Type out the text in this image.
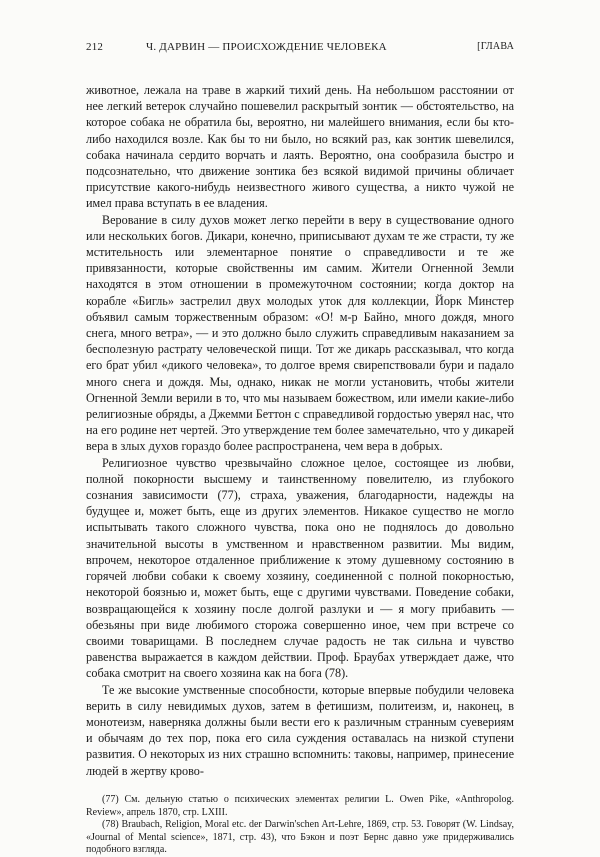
212	Ч. ДАРВИН — ПРОИСХОЖДЕНИЕ ЧЕЛОВЕКА	[ГЛАВА

животное, лежала на траве в жаркий тихий день. На небольшом расстоянии от нее легкий ветерок случайно пошевелил раскрытый зонтик — обстоятельство, на которое собака не обратила бы, вероятно, ни малейшего внимания, если бы кто-либо находился возле. Как бы то ни было, но всякий раз, как зонтик шевелился, собака начинала сердито ворчать и лаять. Вероятно, она сообразила быстро и подсознательно, что движение зонтика без всякой видимой причины обличает присутствие какого-нибудь неизвестного живого существа, а никто чужой не имел права вступать в ее владения.

Верование в силу духов может легко перейти в веру в существование одного или нескольких богов. Дикари, конечно, приписывают духам те же страсти, ту же мстительность или элементарное понятие о справедливости и те же привязанности, которые свойственны им самим. Жители Огненной Земли находятся в этом отношении в промежуточном состоянии; когда доктор на корабле «Бигль» застрелил двух молодых уток для коллекции, Йорк Минстер объявил самым торжественным образом: «О! м-р Байно, много дождя, много снега, много ветра», — и это должно было служить справедливым наказанием за бесполезную растрату человеческой пищи. Тот же дикарь рассказывал, что когда его брат убил «дикого человека», то долгое время свирепствовали бури и падало много снега и дождя. Мы, однако, никак не могли установить, чтобы жители Огненной Земли верили в то, что мы называем божеством, или имели какие-либо религиозные обряды, а Джемми Беттон с справедливой гордостью уверял нас, что на его родине нет чертей. Это утверждение тем более замечательно, что у дикарей вера в злых духов гораздо более распространена, чем вера в добрых.

Религиозное чувство чрезвычайно сложное целое, состоящее из любви, полной покорности высшему и таинственному повелителю, из глубокого сознания зависимости (77), страха, уважения, благодарности, надежды на будущее и, может быть, еще из других элементов. Никакое существо не могло испытывать такого сложного чувства, пока оно не поднялось до довольно значительной высоты в умственном и нравственном развитии. Мы видим, впрочем, некоторое отдаленное приближение к этому душевному состоянию в горячей любви собаки к своему хозяину, соединенной с полной покорностью, некоторой боязнью и, может быть, еще с другими чувствами. Поведение собаки, возвращающейся к хозяину после долгой разлуки и — я могу прибавить — обезьяны при виде любимого сторожа совершенно иное, чем при встрече со своими товарищами. В последнем случае радость не так сильна и чувство равенства выражается в каждом действии. Проф. Браубах утверждает даже, что собака смотрит на своего хозяина как на бога (78).

Те же высокие умственные способности, которые впервые побудили человека верить в силу невидимых духов, затем в фетишизм, политеизм, и, наконец, в монотеизм, наверняка должны были вести его к различным странным суевериям и обычаям до тех пор, пока его сила суждения оставалась на низкой ступени развития. О некоторых из них страшно вспомнить: таковы, например, принесение людей в жертву крово-

(77) См. дельную статью о психических элементах религии L. Owen Pike, «Anthropolog. Review», апрель 1870, стр. LXIII.

(78) Braubach, Religion, Moral etc. der Darwin'schen Art-Lehre, 1869, стр. 53. Говорят (W. Lindsay, «Journal of Mental science», 1871, стр. 43), что Бэкон и поэт Бернс давно уже придерживались подобного взгляда.
